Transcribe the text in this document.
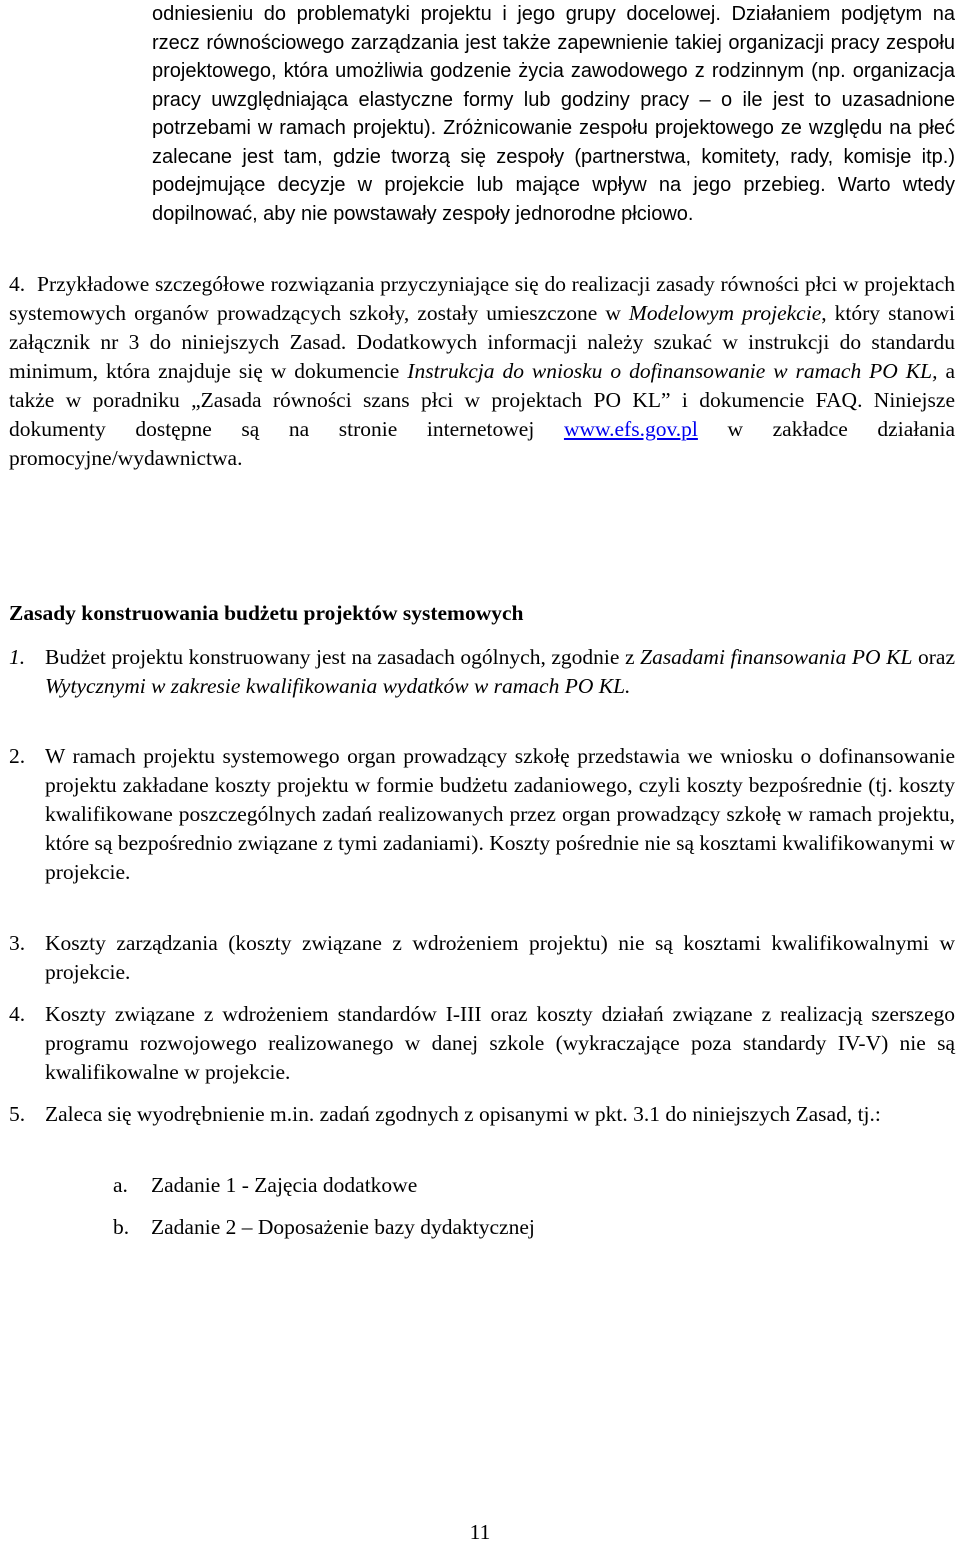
odniesieniu do problematyki projektu i jego grupy docelowej. Działaniem podjętym na rzecz równościowego zarządzania jest także zapewnienie takiej organizacji pracy zespołu projektowego, która umożliwia godzenie życia zawodowego z rodzinnym (np. organizacja pracy uwzględniająca elastyczne formy lub godziny pracy – o ile jest to uzasadnione potrzebami w ramach projektu). Zróżnicowanie zespołu projektowego ze względu na płeć zalecane jest tam, gdzie tworzą się zespoły (partnerstwa, komitety, rady, komisje itp.) podejmujące decyzje w projekcie lub mające wpływ na jego przebieg. Warto wtedy dopilnować, aby nie powstawały zespoły jednorodne płciowo.

4. Przykładowe szczegółowe rozwiązania przyczyniające się do realizacji zasady równości płci w projektach systemowych organów prowadzących szkoły, zostały umieszczone w Modelowym projekcie, który stanowi załącznik nr 3 do niniejszych Zasad. Dodatkowych informacji należy szukać w instrukcji do standardu minimum, która znajduje się w dokumencie Instrukcja do wniosku o dofinansowanie w ramach PO KL, a także w poradniku „Zasada równości szans płci w projektach PO KL” i dokumencie FAQ. Niniejsze dokumenty dostępne są na stronie internetowej www.efs.gov.pl w zakładce działania promocyjne/wydawnictwa.

Zasady konstruowania budżetu projektów systemowych

1. Budżet projektu konstruowany jest na zasadach ogólnych, zgodnie z Zasadami finansowania PO KL oraz Wytycznymi w zakresie kwalifikowania wydatków w ramach PO KL.

2. W ramach projektu systemowego organ prowadzący szkołę przedstawia we wniosku o dofinansowanie projektu zakładane koszty projektu w formie budżetu zadaniowego, czyli koszty bezpośrednie (tj. koszty kwalifikowane poszczególnych zadań realizowanych przez organ prowadzący szkołę w ramach projektu, które są bezpośrednio związane z tymi zadaniami). Koszty pośrednie nie są kosztami kwalifikowanymi w projekcie.

3. Koszty zarządzania (koszty związane z wdrożeniem projektu) nie są kosztami kwalifikowalnymi w projekcie.

4. Koszty związane z wdrożeniem standardów I-III oraz koszty działań związane z realizacją szerszego programu rozwojowego realizowanego w danej szkole (wykraczające poza standardy IV-V) nie są kwalifikowalne w projekcie.

5. Zaleca się wyodrębnienie m.in. zadań zgodnych z opisanymi w pkt. 3.1 do niniejszych Zasad, tj.:

a. Zadanie 1 - Zajęcia dodatkowe

b. Zadanie 2 – Doposażenie bazy dydaktycznej

11
